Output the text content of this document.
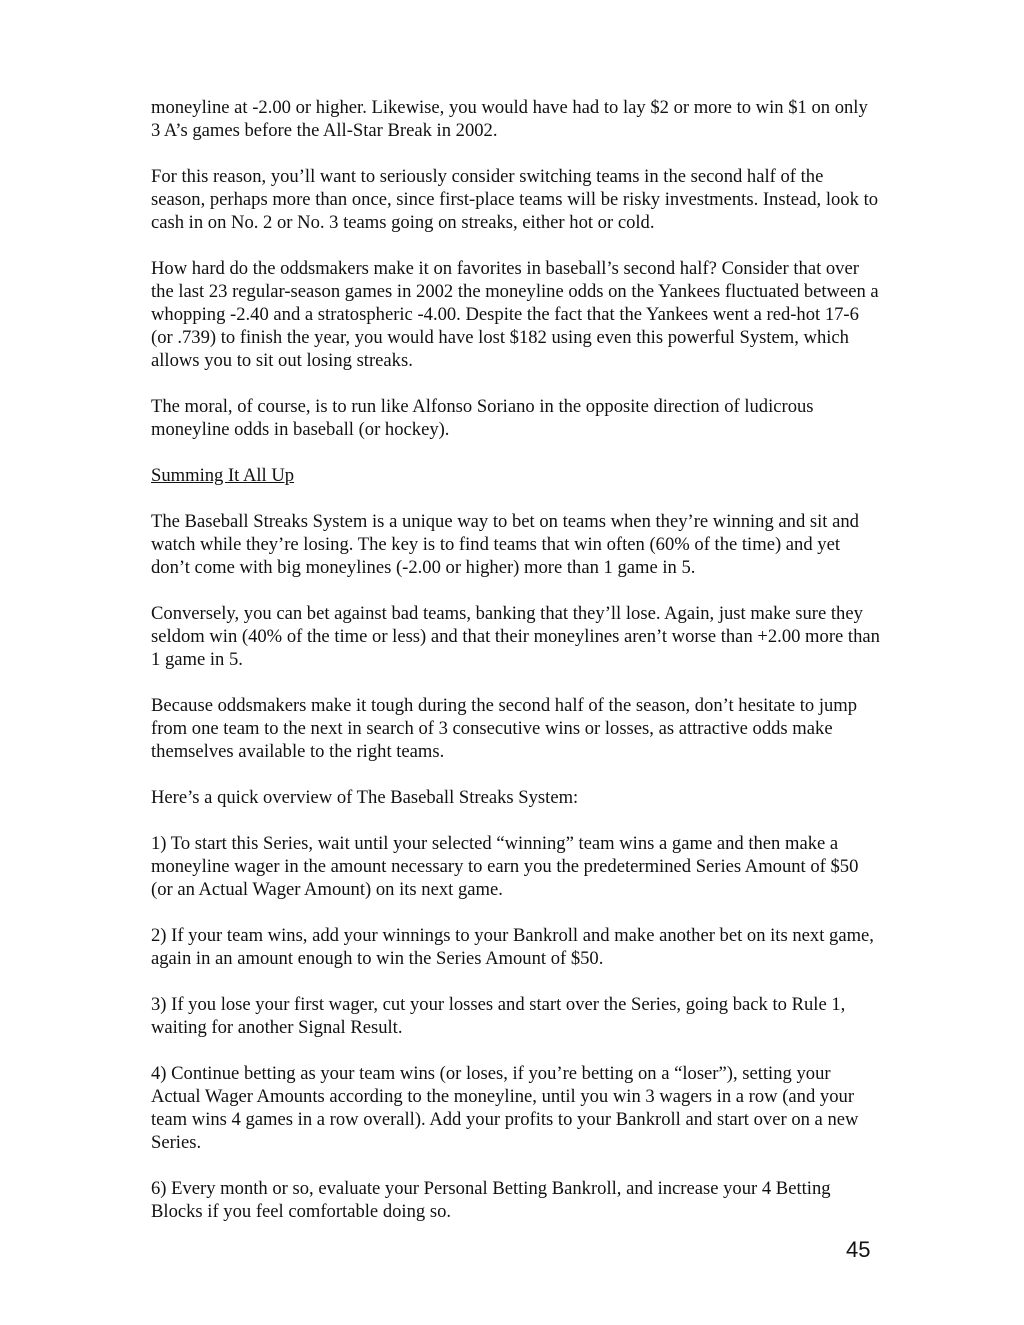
moneyline at -2.00 or higher. Likewise, you would have had to lay $2 or more to win $1 on only 3 A’s games before the All-Star Break in 2002.

For this reason, you’ll want to seriously consider switching teams in the second half of the season, perhaps more than once, since first-place teams will be risky investments. Instead, look to cash in on No. 2 or No. 3 teams going on streaks, either hot or cold.

How hard do the oddsmakers make it on favorites in baseball’s second half? Consider that over the last 23 regular-season games in 2002 the moneyline odds on the Yankees fluctuated between a whopping -2.40 and a stratospheric -4.00. Despite the fact that the Yankees went a red-hot 17-6 (or .739) to finish the year, you would have lost $182 using even this powerful System, which allows you to sit out losing streaks.

The moral, of course, is to run like Alfonso Soriano in the opposite direction of ludicrous moneyline odds in baseball (or hockey).

Summing It All Up

The Baseball Streaks System is a unique way to bet on teams when they’re winning and sit and watch while they’re losing. The key is to find teams that win often (60% of the time) and yet don’t come with big moneylines (-2.00 or higher) more than 1 game in 5.

Conversely, you can bet against bad teams, banking that they’ll lose. Again, just make sure they seldom win (40% of the time or less) and that their moneylines aren’t worse than +2.00 more than 1 game in 5.

Because oddsmakers make it tough during the second half of the season, don’t hesitate to jump from one team to the next in search of 3 consecutive wins or losses, as attractive odds make themselves available to the right teams.

Here’s a quick overview of The Baseball Streaks System:

1) To start this Series, wait until your selected “winning” team wins a game and then make a moneyline wager in the amount necessary to earn you the predetermined Series Amount of $50 (or an Actual Wager Amount) on its next game.

2) If your team wins, add your winnings to your Bankroll and make another bet on its next game, again in an amount enough to win the Series Amount of $50.

3) If you lose your first wager, cut your losses and start over the Series, going back to Rule 1, waiting for another Signal Result.

4) Continue betting as your team wins (or loses, if you’re betting on a “loser”), setting your Actual Wager Amounts according to the moneyline, until you win 3 wagers in a row (and your team wins 4 games in a row overall). Add your profits to your Bankroll and start over on a new Series.

6) Every month or so, evaluate your Personal Betting Bankroll, and increase your 4 Betting Blocks if you feel comfortable doing so.

45
